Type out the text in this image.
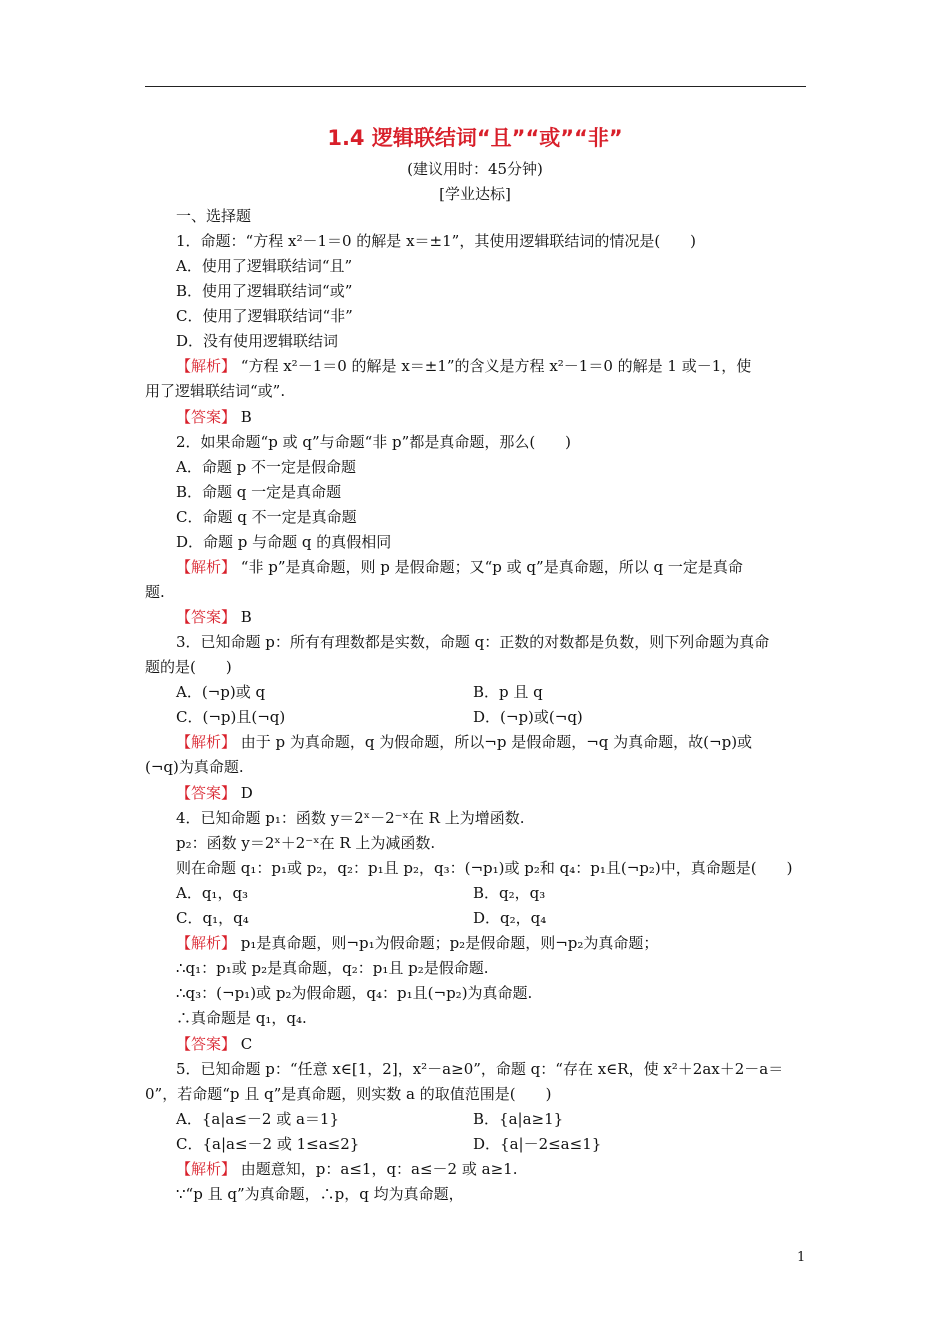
1.4 逻辑联结词“且”“或”“非”
(建议用时：45分钟)
[学业达标]
一、选择题
1．命题：“方程 x²－1＝0 的解是 x＝±1”，其使用逻辑联结词的情况是(　　)
A．使用了逻辑联结词“且”
B．使用了逻辑联结词“或”
C．使用了逻辑联结词“非”
D．没有使用逻辑联结词
【解析】 “方程 x²－1＝0 的解是 x＝±1”的含义是方程 x²－1＝0 的解是 1 或－1，使
用了逻辑联结词“或”.
【答案】 B
2．如果命题“p 或 q”与命题“非 p”都是真命题，那么(　　)
A．命题 p 不一定是假命题
B．命题 q 一定是真命题
C．命题 q 不一定是真命题
D．命题 p 与命题 q 的真假相同
【解析】 “非 p”是真命题，则 p 是假命题；又“p 或 q”是真命题，所以 q 一定是真命
题.
【答案】 B
3．已知命题 p：所有有理数都是实数，命题 q：正数的对数都是负数，则下列命题为真命
题的是(　　)
A．(¬p)或 q	B．p 且 q
C．(¬p)且(¬q)	D．(¬p)或(¬q)
【解析】 由于 p 为真命题，q 为假命题，所以¬p 是假命题，¬q 为真命题，故(¬p)或
(¬q)为真命题.
【答案】 D
4．已知命题 p₁：函数 y＝2ˣ－2⁻ˣ在 R 上为增函数.
p₂：函数 y＝2ˣ＋2⁻ˣ在 R 上为减函数.
则在命题 q₁：p₁或 p₂，q₂：p₁且 p₂，q₃：(¬p₁)或 p₂和 q₄：p₁且(¬p₂)中，真命题是(　　)
A．q₁，q₃	B．q₂，q₃
C．q₁，q₄	D．q₂，q₄
【解析】 p₁是真命题，则¬p₁为假命题；p₂是假命题，则¬p₂为真命题；
∴q₁：p₁或 p₂是真命题，q₂：p₁且 p₂是假命题.
∴q₃：(¬p₁)或 p₂为假命题，q₄：p₁且(¬p₂)为真命题.
∴真命题是 q₁，q₄.
【答案】 C
5．已知命题 p：“任意 x∈[1，2]，x²－a≥0”，命题 q：“存在 x∈R，使 x²＋2ax＋2－a＝
0”，若命题“p 且 q”是真命题，则实数 a 的取值范围是(　　)
A．{a|a≤－2 或 a＝1}	B．{a|a≥1}
C．{a|a≤－2 或 1≤a≤2}	D．{a|－2≤a≤1}
【解析】 由题意知，p：a≤1，q：a≤－2 或 a≥1.
∵“p 且 q”为真命题，∴p，q 均为真命题，
1
